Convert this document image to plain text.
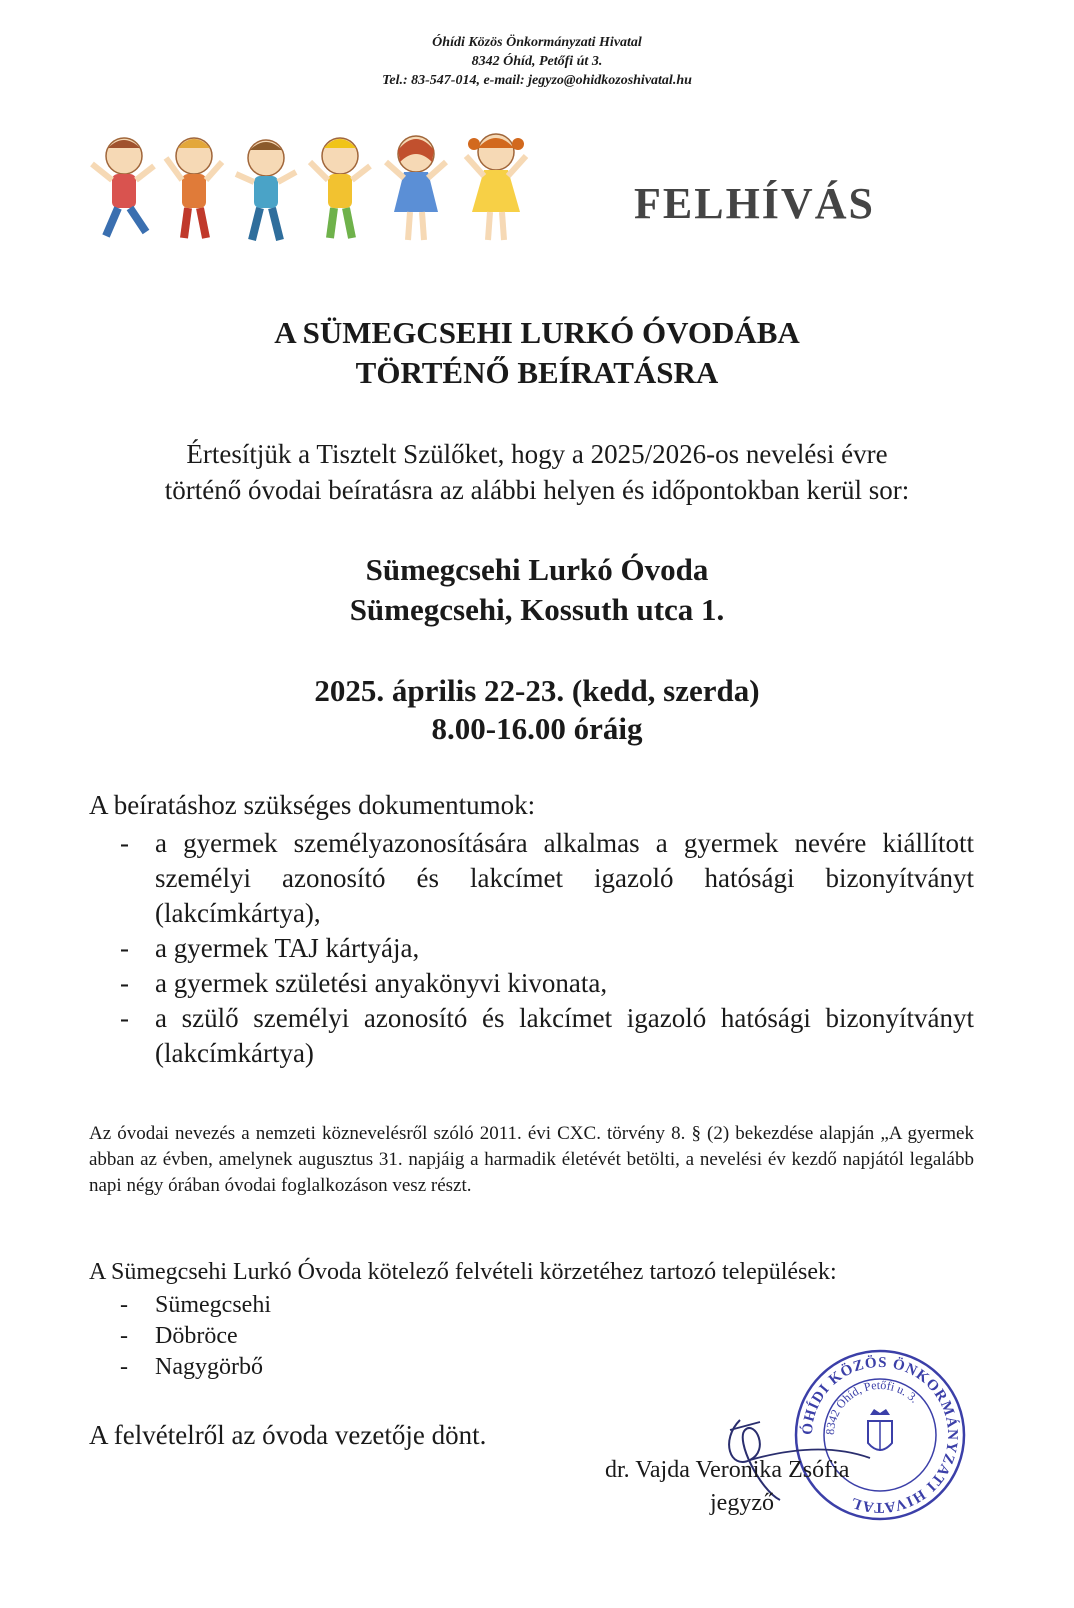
Óhídi Közös Önkormányzati Hivatal
8342 Óhíd, Petőfi út 3.
Tel.: 83-547-014, e-mail: jegyzo@ohidkozoshivatal.hu
FELHÍVÁS
A SÜMEGCSEHI LURKÓ ÓVODÁBA
TÖRTÉNŐ BEÍRATÁSRA
Értesítjük a Tisztelt Szülőket, hogy a 2025/2026-os nevelési évre
történő óvodai beíratásra az alábbi helyen és időpontokban kerül sor:
Sümegcsehi Lurkó Óvoda
Sümegcsehi, Kossuth utca 1.
2025. április 22-23. (kedd, szerda)
8.00-16.00 óráig
A beíratáshoz szükséges dokumentumok:
- a gyermek személyazonosítására alkalmas a gyermek nevére kiállított személyi azonosító és lakcímet igazoló hatósági bizonyítványt (lakcímkártya),
- a gyermek TAJ kártyája,
- a gyermek születési anyakönyvi kivonata,
- a szülő személyi azonosító és lakcímet igazoló hatósági bizonyítványt (lakcímkártya)
Az óvodai nevezés a nemzeti köznevelésről szóló 2011. évi CXC. törvény 8. § (2) bekezdése alapján „A gyermek abban az évben, amelynek augusztus 31. napjáig a harmadik életévét betölti, a nevelési év kezdő napjától legalább napi négy órában óvodai foglalkozáson vesz részt.
A Sümegcsehi Lurkó Óvoda kötelező felvételi körzetéhez tartozó települések:
- Sümegcsehi
- Döbröce
- Nagygörbő
A felvételről az óvoda vezetője dönt.	ÓHÍDI KÖZÖS ÖNKORMÁNYZATI HIVATAL
8342 Óhíd, Petőfi u. 3.
dr. Vajda Veronika Zsófia
jegyző
